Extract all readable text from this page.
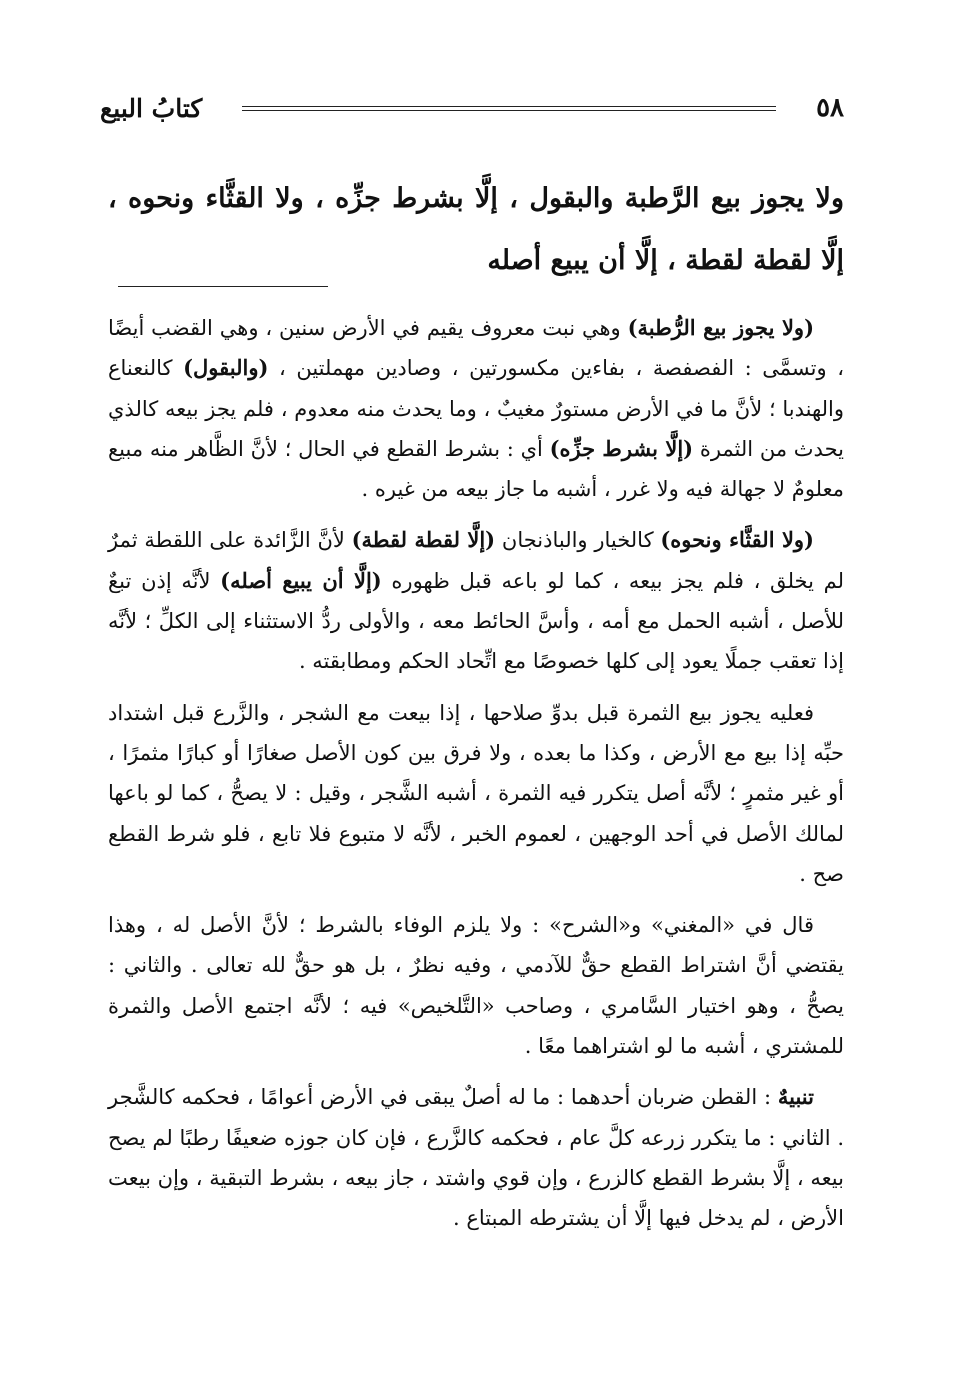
٥٨
كتابُ البيع
ولا يجوز بيع الرَّطبة والبقول ، إلَّا بشرط جزِّه ، ولا القثَّاء ونحوه ، إلَّا لقطة لقطة ، إلَّا أن يبيع أصله

(ولا يجوز بيع الرُّطبة) وهي نبت معروف يقيم في الأرض سنين ، وهي القضب أيضًا ، وتسمَّى : الفصفصة ، بفاءين مكسورتين ، وصادين مهملتين ، (والبقول) كالنعناع والهندبا ؛ لأنَّ ما في الأرض مستورٌ مغيبٌ ، وما يحدث منه معدوم ، فلم يجز بيعه كالذي يحدث من الثمرة (إلَّا بشرط جزِّه) أي : بشرط القطع في الحال ؛ لأنَّ الظَّاهر منه مبيع معلومٌ لا جهالة فيه ولا غرر ، أشبه ما جاز بيعه من غيره .

(ولا القثَّاء ونحوه) كالخيار والباذنجان (إلَّا لقطة لقطة) لأنَّ الزَّائدة على اللقطة ثمرٌ لم يخلق ، فلم يجز بيعه ، كما لو باعه قبل ظهوره (إلَّا أن يبيع أصله) لأنَّه إذن تبعٌ للأصل ، أشبه الحمل مع أمه ، وأسَّ الحائط معه ، والأولى ردُّ الاستثناء إلى الكلِّ ؛ لأنَّه إذا تعقب جملًا يعود إلى كلها خصوصًا مع اتِّحاد الحكم ومطابقته .

فعليه يجوز بيع الثمرة قبل بدوِّ صلاحها ، إذا بيعت مع الشجر ، والزَّرع قبل اشتداد حبِّه إذا بيع مع الأرض ، وكذا ما بعده ، ولا فرق بين كون الأصل صغارًا أو كبارًا مثمرًا ، أو غير مثمرٍ ؛ لأنَّه أصل يتكرر فيه الثمرة ، أشبه الشَّجر ، وقيل : لا يصحُّ ، كما لو باعها لمالك الأصل في أحد الوجهين ، لعموم الخبر ، لأنَّه لا متبوع فلا تابع ، فلو شرط القطع صح .

قال في «المغني» و«الشرح» : ولا يلزم الوفاء بالشرط ؛ لأنَّ الأصل له ، وهذا يقتضي أنَّ اشتراط القطع حقٌّ للآدمي ، وفيه نظرٌ ، بل هو حقٌّ لله تعالى . والثاني : يصحُّ ، وهو اختيار السَّامري ، وصاحب «التَّلخيص» فيه ؛ لأنَّه اجتمع الأصل والثمرة للمشتري ، أشبه ما لو اشتراهما معًا .

تنبيهٌ : القطن ضربان أحدهما : ما له أصلٌ يبقى في الأرض أعوامًا ، فحكمه كالشَّجر . الثاني : ما يتكرر زرعه كلَّ عام ، فحكمه كالزَّرع ، فإن كان جوزه ضعيفًا رطبًا لم يصح بيعه ، إلَّا بشرط القطع كالزرع ، وإن قوي واشتد ، جاز بيعه ، بشرط التبقية ، وإن بيعت الأرض ، لم يدخل فيها إلَّا أن يشترطه المبتاع .
